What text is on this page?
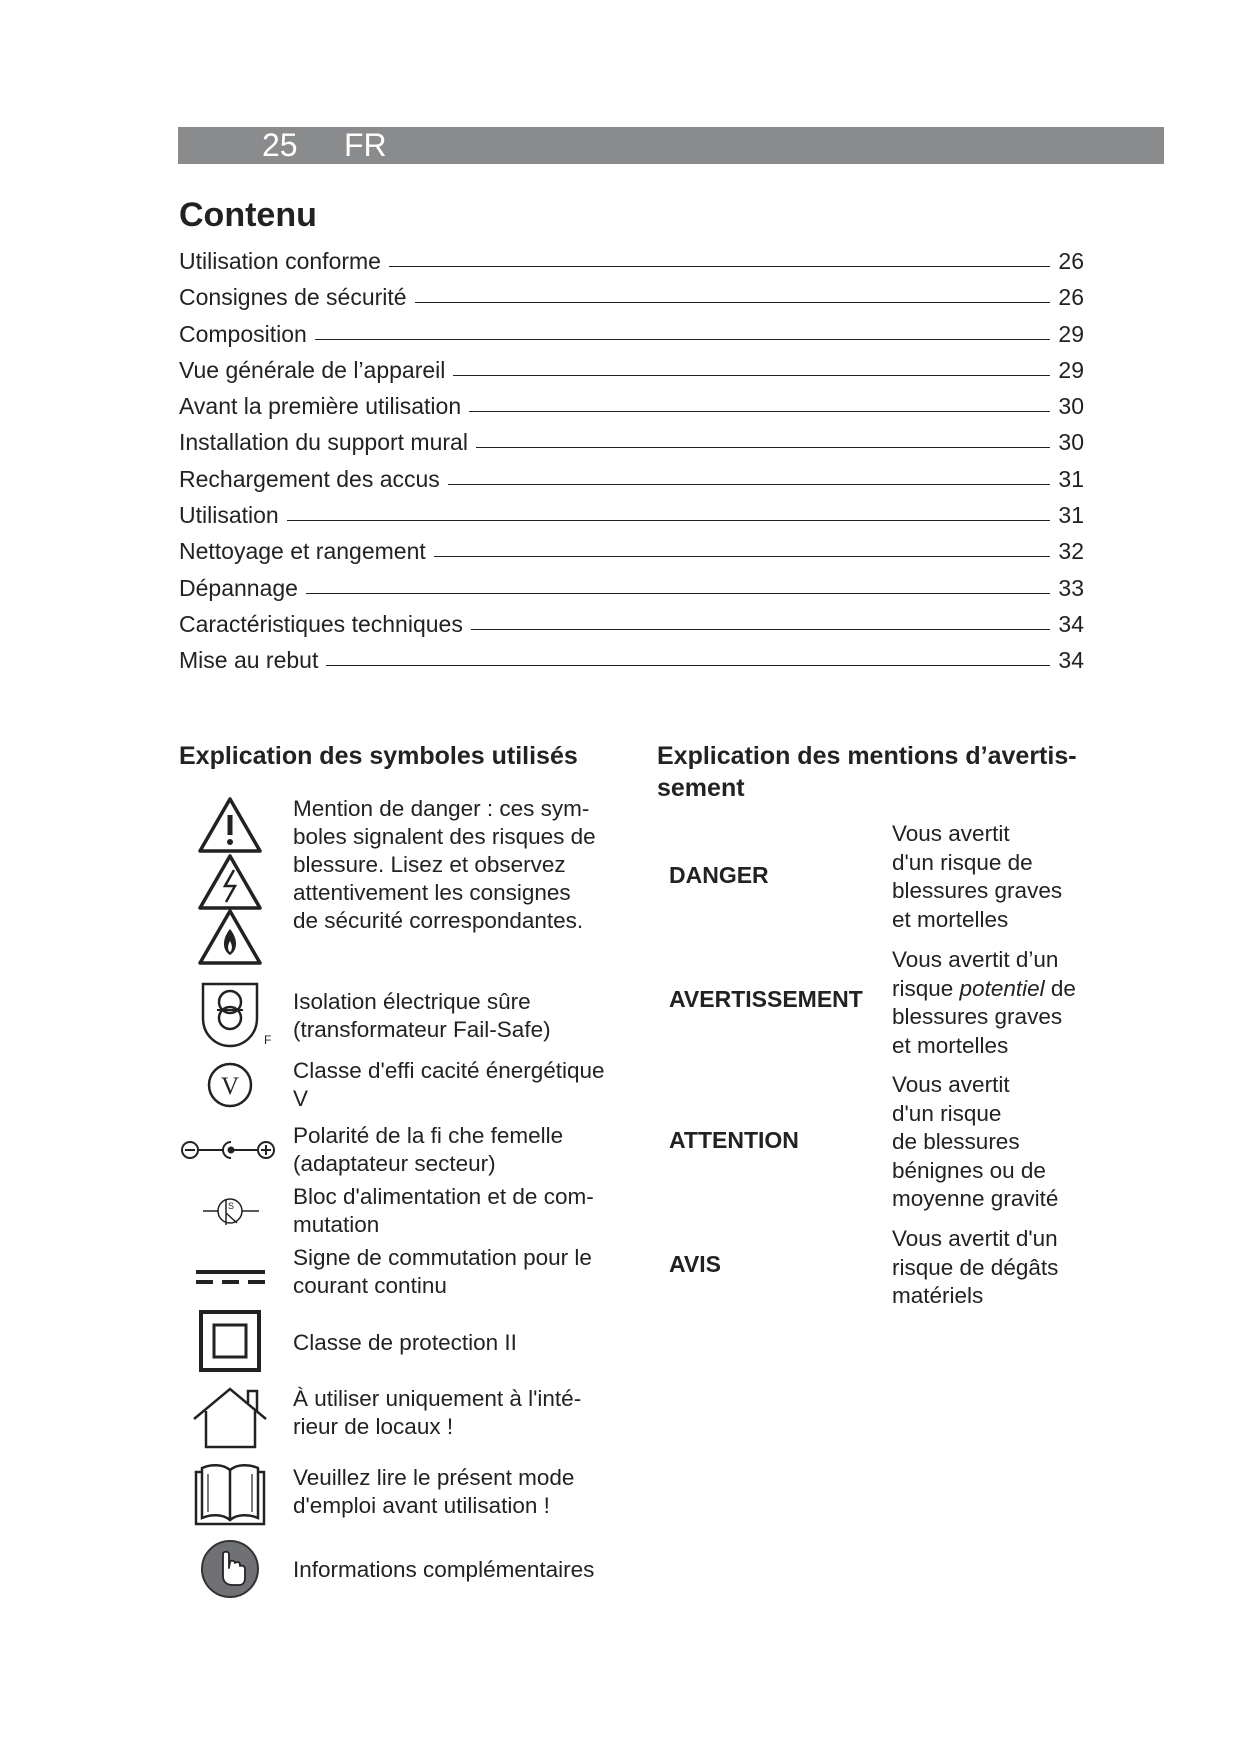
25 FR
Contenu
Utilisation conforme	26
Consignes de sécurité	26
Composition	29
Vue générale de l’appareil	29
Avant la première utilisation	30
Installation du support mural	30
Rechargement des accus	31
Utilisation	31
Nettoyage et rangement	32
Dépannage	33
Caractéristiques techniques	34
Mise au rebut	34
Explication des symboles utilisés
Mention de danger : ces sym-
boles signalent des risques de
blessure. Lisez et observez
attentivement les consignes
de sécurité correspondantes.
F
Isolation électrique sûre
(transformateur Fail-Safe)
V
Classe d'effi cacité énergétique
V
Polarité de la fi che femelle
(adaptateur secteur)
S	Bloc d'alimentation et de com-
mutation
Signe de commutation pour le
courant continu
Classe de protection II
À utiliser uniquement à l'inté-
rieur de locaux !
Veuillez lire le présent mode
d'emploi avant utilisation !
Informations complémentaires
Explication des mentions d’avertis-
sement
DANGER
Vous avertit
d'un risque de
blessures graves
et mortelles
AVERTISSEMENT
Vous avertit d’un
risque potentiel de
blessures graves
et mortelles
ATTENTION
Vous avertit
d'un risque
de blessures
bénignes ou de
moyenne gravité
AVIS
Vous avertit d'un
risque de dégâts
matériels
